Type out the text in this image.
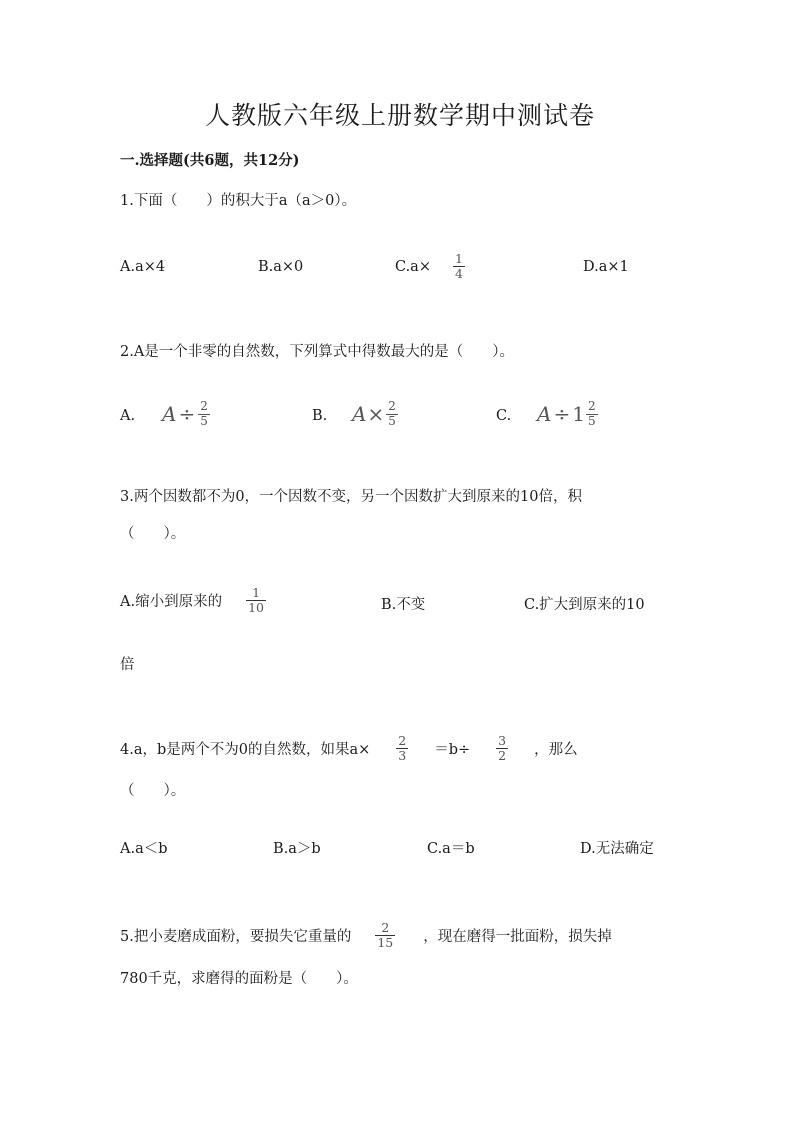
人教版六年级上册数学期中测试卷
一.选择题(共6题，共12分)
1.下面（　　）的积大于a（a＞0）。
A.a×4	B.a×0	$C.a\times \frac{1}{4}$	D.a×1
2.A是一个非零的自然数，下列算式中得数最大的是（　　）。
A. $A \div \frac{2}{5}$	B. $A \times \frac{2}{5}$	C. $A \div 1 \frac{2}{5}$
3.两个因数都不为0，一个因数不变，另一个因数扩大到原来的10倍，积
（　　）。
A.缩小到原来的 $\frac{1}{10}$	B.不变	C.扩大到原来的10
倍
4.a，b是两个不为0的自然数，如果$a\times \frac{2}{3} =b\div \frac{3}{2}$ ，那么
（　　）。
A.a＜b	B.a＞b	C.a＝b	D.无法确定
5.把小麦磨成面粉，要损失它重量的 $\frac{2}{15}$ ，现在磨得一批面粉，损失掉
780千克，求磨得的面粉是（　　）。
